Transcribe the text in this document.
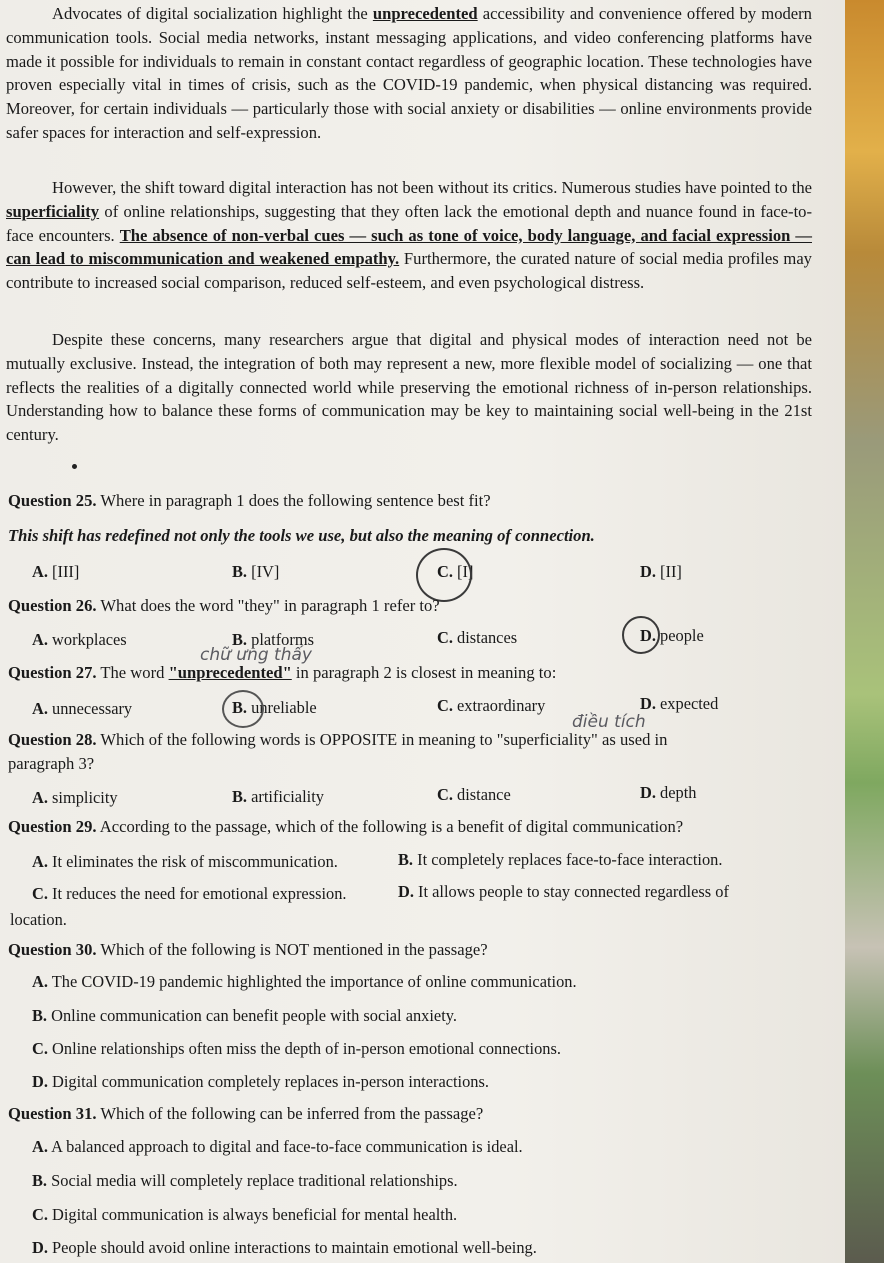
Advocates of digital socialization highlight the unprecedented accessibility and convenience offered by modern communication tools. Social media networks, instant messaging applications, and video conferencing platforms have made it possible for individuals to remain in constant contact regardless of geographic location. These technologies have proven especially vital in times of crisis, such as the COVID-19 pandemic, when physical distancing was required. Moreover, for certain individuals — particularly those with social anxiety or disabilities — online environments provide safer spaces for interaction and self-expression.

However, the shift toward digital interaction has not been without its critics. Numerous studies have pointed to the superficiality of online relationships, suggesting that they often lack the emotional depth and nuance found in face-to-face encounters. The absence of non-verbal cues — such as tone of voice, body language, and facial expression — can lead to miscommunication and weakened empathy. Furthermore, the curated nature of social media profiles may contribute to increased social comparison, reduced self-esteem, and even psychological distress.

Despite these concerns, many researchers argue that digital and physical modes of interaction need not be mutually exclusive. Instead, the integration of both may represent a new, more flexible model of socializing — one that reflects the realities of a digitally connected world while preserving the emotional richness of in-person relationships. Understanding how to balance these forms of communication may be key to maintaining social well-being in the 21st century.

Question 25. Where in paragraph 1 does the following sentence best fit?
This shift has redefined not only the tools we use, but also the meaning of connection.
A. [III]	B. [IV]	C. [I]	D. [II]
Question 26. What does the word "they" in paragraph 1 refer to?
A. workplaces	B. platforms	C. distances	D. people
chữ ưng thấy
Question 27. The word "unprecedented" in paragraph 2 is closest in meaning to:
A. unnecessary	B. unreliable	C. extraordinary	D. expected
điều tích
Question 28. Which of the following words is OPPOSITE in meaning to "superficiality" as used in
paragraph 3?
A. simplicity	B. artificiality	C. distance	D. depth
Question 29. According to the passage, which of the following is a benefit of digital communication?
A. It eliminates the risk of miscommunication.	B. It completely replaces face-to-face interaction.
C. It reduces the need for emotional expression.	D. It allows people to stay connected regardless of
location.
Question 30. Which of the following is NOT mentioned in the passage?
A. The COVID-19 pandemic highlighted the importance of online communication.
B. Online communication can benefit people with social anxiety.
C. Online relationships often miss the depth of in-person emotional connections.
D. Digital communication completely replaces in-person interactions.
Question 31. Which of the following can be inferred from the passage?
A. A balanced approach to digital and face-to-face communication is ideal.
B. Social media will completely replace traditional relationships.
C. Digital communication is always beneficial for mental health.
D. People should avoid online interactions to maintain emotional well-being.
